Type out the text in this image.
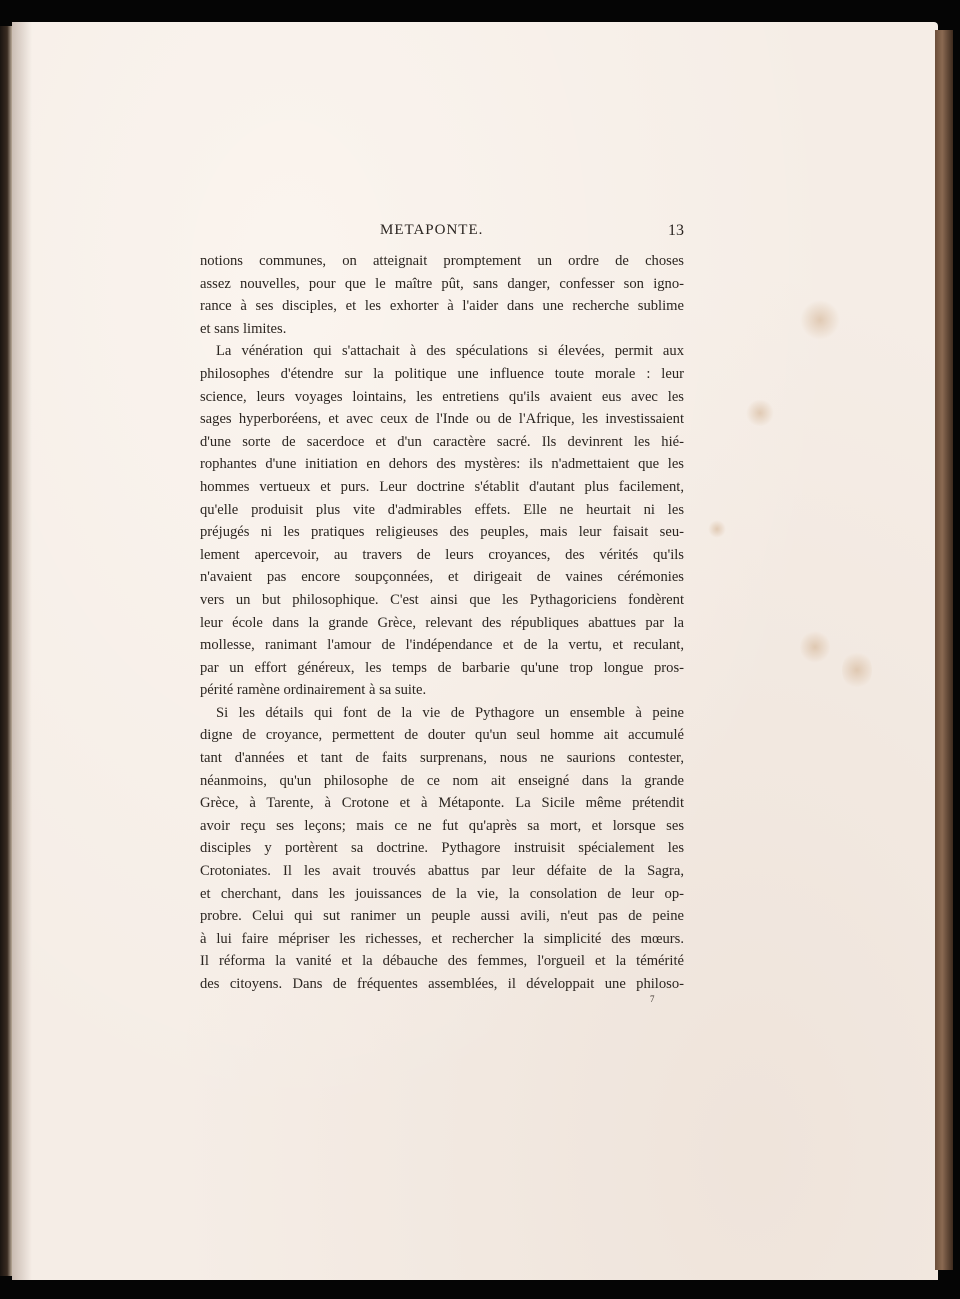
METAPONTE.	13
notions communes, on atteignait promptement un ordre de choses
assez nouvelles, pour que le maître pût, sans danger, confesser son igno-
rance à ses disciples, et les exhorter à l'aider dans une recherche sublime
et sans limites.
La vénération qui s'attachait à des spéculations si élevées, permit aux
philosophes d'étendre sur la politique une influence toute morale : leur
science, leurs voyages lointains, les entretiens qu'ils avaient eus avec les
sages hyperboréens, et avec ceux de l'Inde ou de l'Afrique, les investissaient
d'une sorte de sacerdoce et d'un caractère sacré. Ils devinrent les hié-
rophantes d'une initiation en dehors des mystères: ils n'admettaient que les
hommes vertueux et purs. Leur doctrine s'établit d'autant plus facilement,
qu'elle produisit plus vite d'admirables effets. Elle ne heurtait ni les
préjugés ni les pratiques religieuses des peuples, mais leur faisait seu-
lement apercevoir, au travers de leurs croyances, des vérités qu'ils
n'avaient pas encore soupçonnées, et dirigeait de vaines cérémonies
vers un but philosophique. C'est ainsi que les Pythagoriciens fondèrent
leur école dans la grande Grèce, relevant des républiques abattues par la
mollesse, ranimant l'amour de l'indépendance et de la vertu, et reculant,
par un effort généreux, les temps de barbarie qu'une trop longue pros-
périté ramène ordinairement à sa suite.
Si les détails qui font de la vie de Pythagore un ensemble à peine
digne de croyance, permettent de douter qu'un seul homme ait accumulé
tant d'années et tant de faits surprenans, nous ne saurions contester,
néanmoins, qu'un philosophe de ce nom ait enseigné dans la grande
Grèce, à Tarente, à Crotone et à Métaponte. La Sicile même prétendit
avoir reçu ses leçons; mais ce ne fut qu'après sa mort, et lorsque ses
disciples y portèrent sa doctrine. Pythagore instruisit spécialement les
Crotoniates. Il les avait trouvés abattus par leur défaite de la Sagra,
et cherchant, dans les jouissances de la vie, la consolation de leur op-
probre. Celui qui sut ranimer un peuple aussi avili, n'eut pas de peine
à lui faire mépriser les richesses, et rechercher la simplicité des mœurs.
Il réforma la vanité et la débauche des femmes, l'orgueil et la témérité
des citoyens. Dans de fréquentes assemblées, il développait une philoso-
7
